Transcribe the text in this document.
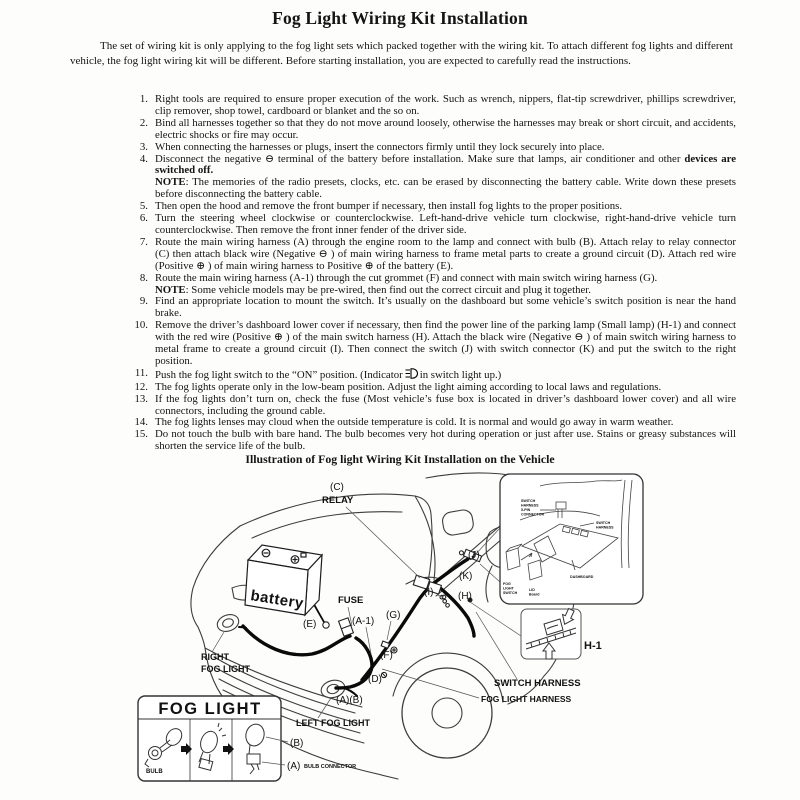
Fog Light Wiring Kit Installation

The set of wiring kit is only applying to the fog light sets which packed together with the wiring kit. To attach different fog lights and different vehicle, the fog light wiring kit will be different. Before starting installation, you are expected to carefully read the instructions.

1. Right tools are required to ensure proper execution of the work. Such as wrench, nippers, flat-tip screwdriver, phillips screwdriver, clip remover, shop towel, cardboard or blanket and the so on.
2. Bind all harnesses together so that they do not move around loosely, otherwise the harnesses may break or short circuit, and accidents, electric shocks or fire may occur.
3. When connecting the harnesses or plugs, insert the connectors firmly until they lock securely into place.
4. Disconnect the negative ⊖ terminal of the battery before installation. Make sure that lamps, air conditioner and other devices are switched off.
NOTE: The memories of the radio presets, clocks, etc. can be erased by disconnecting the battery cable. Write down these presets before disconnecting the battery cable.
5. Then open the hood and remove the front bumper if necessary, then install fog lights to the proper positions.
6. Turn the steering wheel clockwise or counterclockwise. Left-hand-drive vehicle turn clockwise, right-hand-drive vehicle turn counterclockwise. Then remove the front inner fender of the driver side.
7. Route the main wiring harness (A) through the engine room to the lamp and connect with bulb (B). Attach relay to relay connector (C) then attach black wire (Negative ⊖ ) of main wiring harness to frame metal parts to create a ground circuit (D). Attach red wire (Positive ⊕ ) of main wiring harness to Positive ⊕ of the battery (E).
8. Route the main wiring harness (A-1) through the cut grommet (F) and connect with main switch wiring harness (G).
NOTE: Some vehicle models may be pre-wired, then find out the correct circuit and plug it together.
9. Find an appropriate location to mount the switch. It’s usually on the dashboard but some vehicle’s switch position is near the hand brake.
10. Remove the driver’s dashboard lower cover if necessary, then find the power line of the parking lamp (Small lamp) (H-1) and connect with the red wire (Positive ⊕ ) of the main switch harness (H). Attach the black wire (Negative ⊖ ) of main switch wiring harness to metal frame to create a ground circuit (I). Then connect the switch (J) with switch connector (K) and put the switch to the right position.
11. Push the fog light switch to the “ON” position. (Indicator in switch light up.)
12. The fog lights operate only in the low-beam position. Adjust the light aiming according to local laws and regulations.
13. If the fog lights don’t turn on, check the fuse (Most vehicle’s fuse box is located in driver’s dashboard lower cover) and all wire connectors, including the ground cable.
14. The fog lights lenses may cloud when the outside temperature is cold. It is normal and would go away in warm weather.
15. Do not touch the bulb with bare hand. The bulb becomes very hot during operation or just after use. Stains or greasy substances will shorten the service life of the bulb.
Illustration of Fog light Wiring Kit Installation on the Vehicle
battery
(C)
RELAY
FUSE
(E)	(A-1)
(G)
(I)
(J)
(K)
(H)
(F)
(D)
(A)(B)
RIGHT
FOG LIGHT
LEFT FOG LIGHT
SWITCH HARNESS
FOG LIGHT HARNESS
H-1
SWITCH
HARNESS
5-PIN
CONNECTOR
SWITCH
HARNESS
DASHBOARD
FOG
LIGHT
SWITCH
LID
Board
FOG LIGHT
BULB
(B)
(A) BULB CONNECTOR
